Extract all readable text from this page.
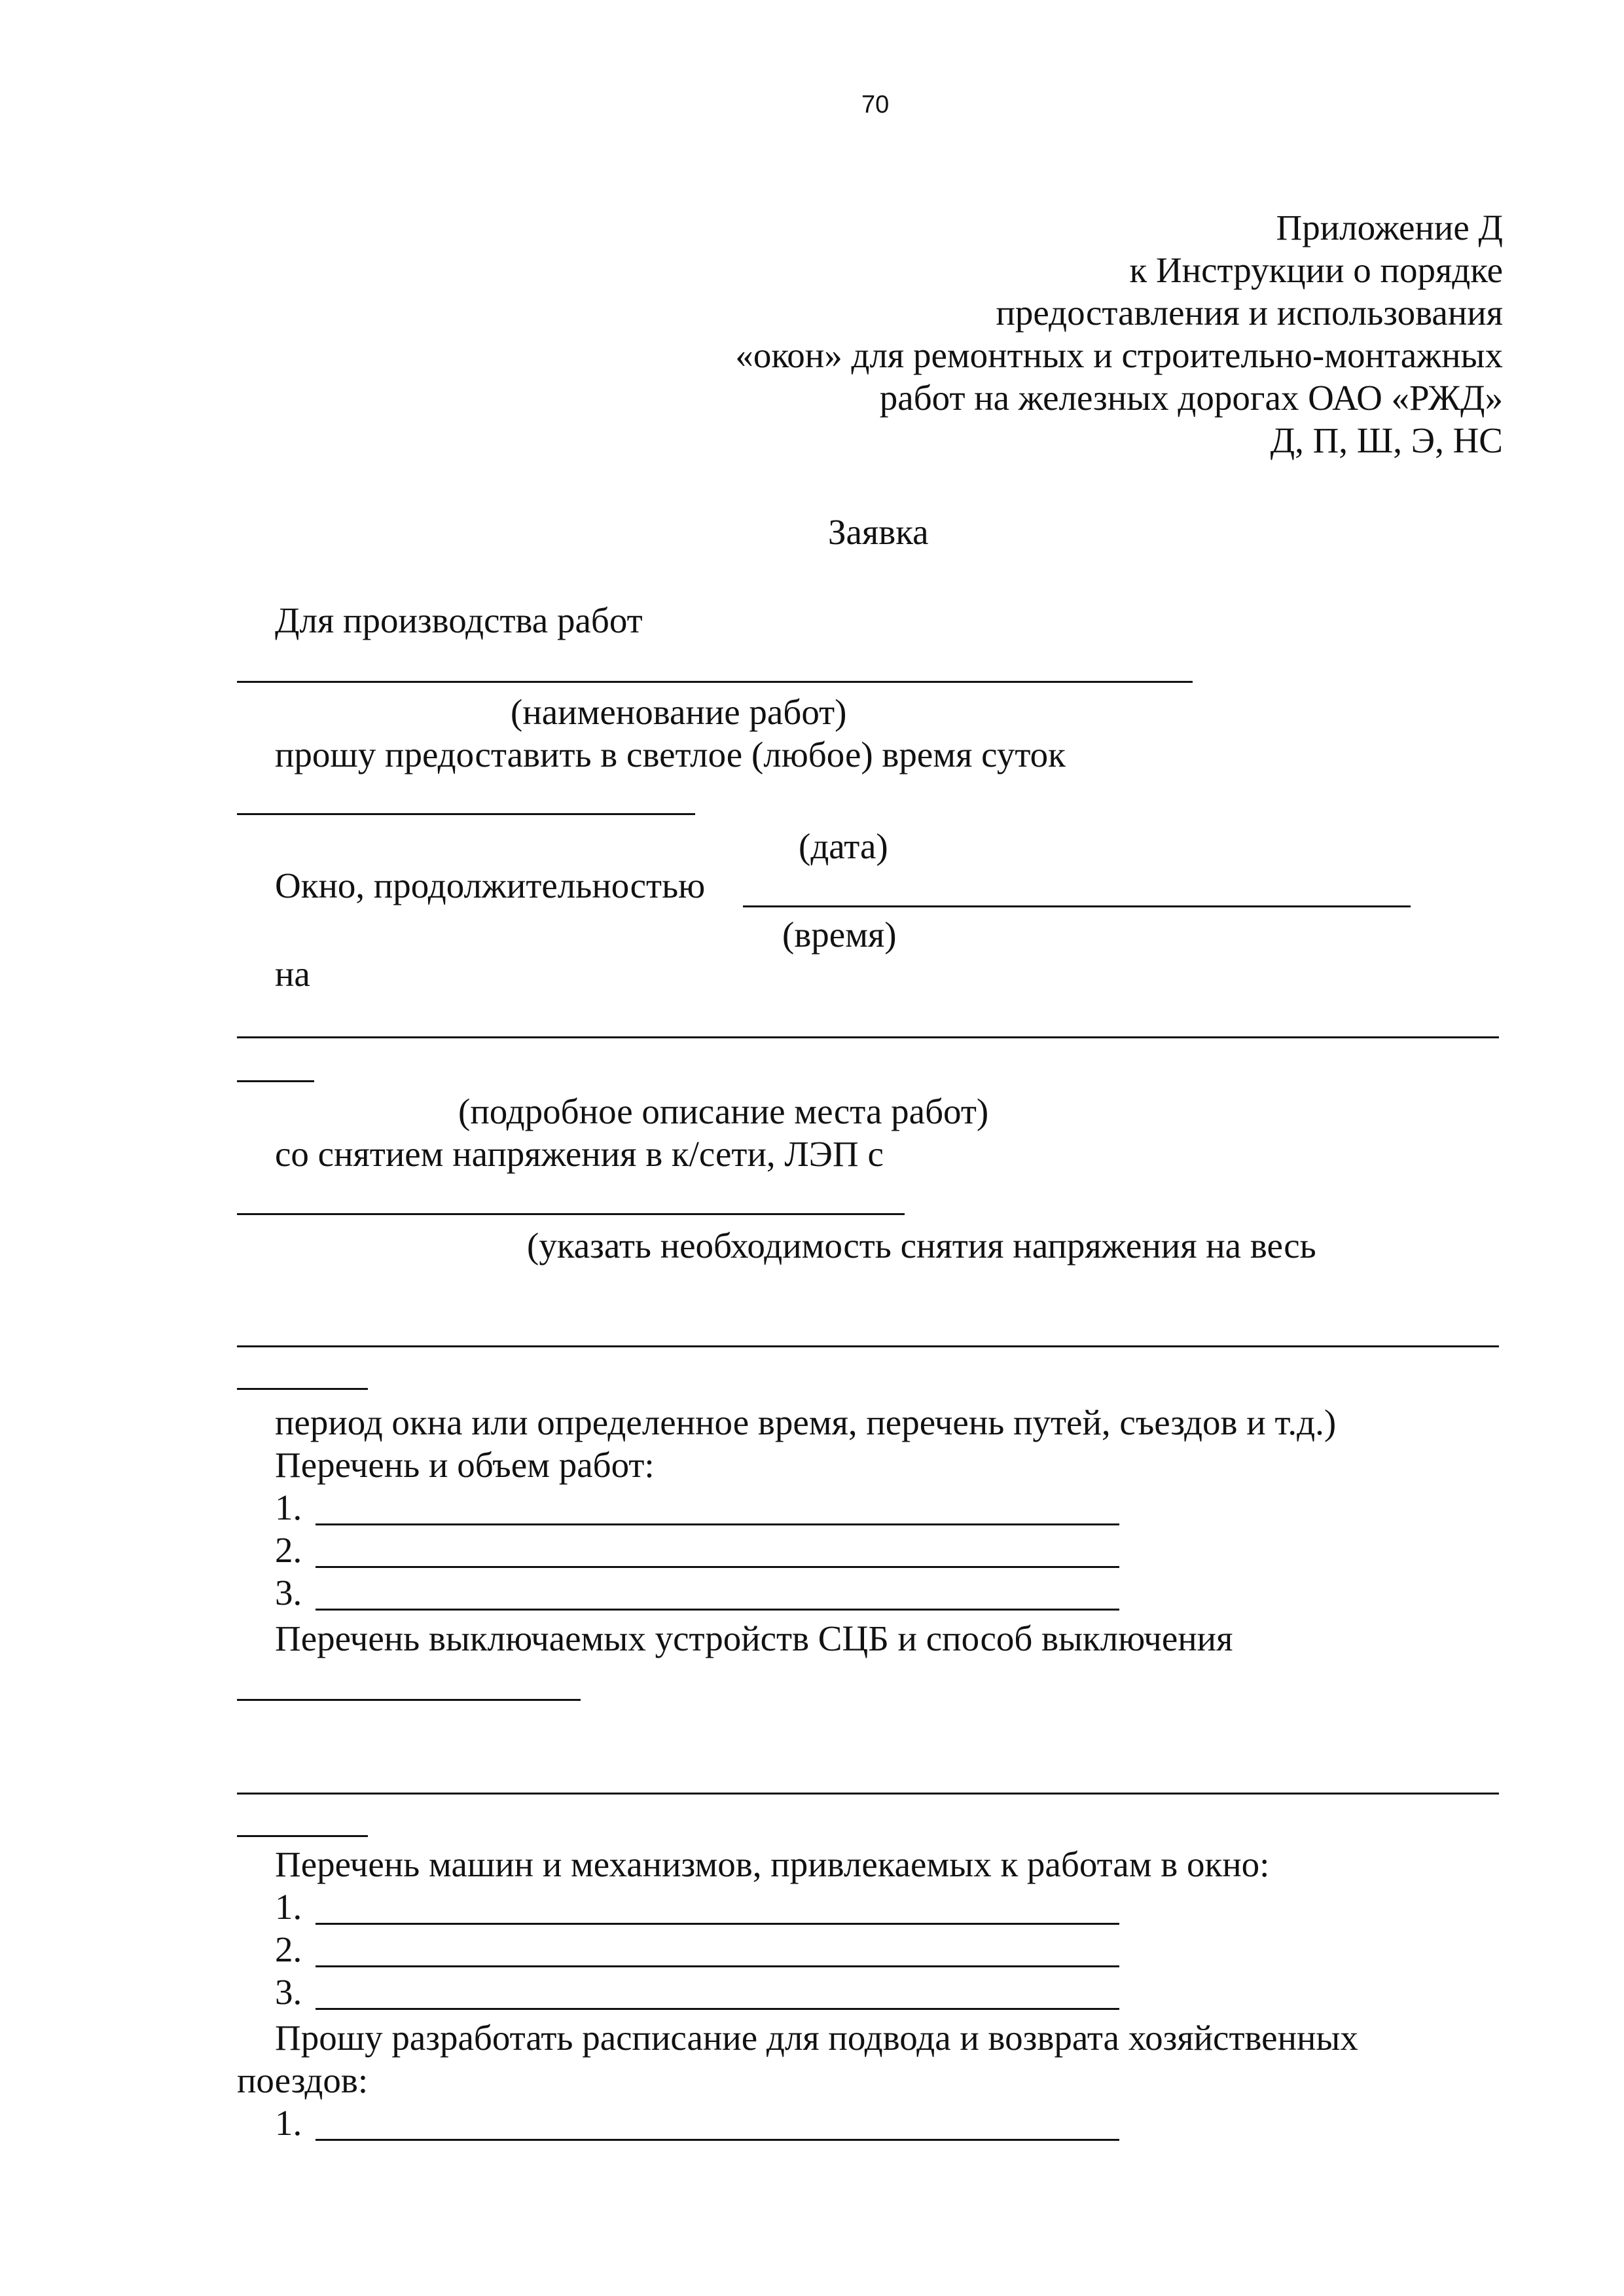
70
Приложение Д
к Инструкции о порядке
предоставления и использования
«окон» для ремонтных и строительно-монтажных
работ на железных дорогах ОАО «РЖД»
Д, П, Ш, Э, НС
Заявка
Для производства работ
(наименование работ)
прошу предоставить в светлое (любое) время суток
(дата)
Окно, продолжительностью
(время)
на
(подробное описание места работ)
со снятием напряжения в к/сети, ЛЭП с
(указать необходимость снятия напряжения на весь
период окна или определенное время, перечень путей, съездов и т.д.)
Перечень и объем работ:
1.
2.
3.
Перечень выключаемых устройств СЦБ и способ выключения
Перечень машин и механизмов, привлекаемых к работам в окно:
1.
2.
3.
Прошу разработать расписание для подвода и возврата хозяйственных
поездов:
1.
